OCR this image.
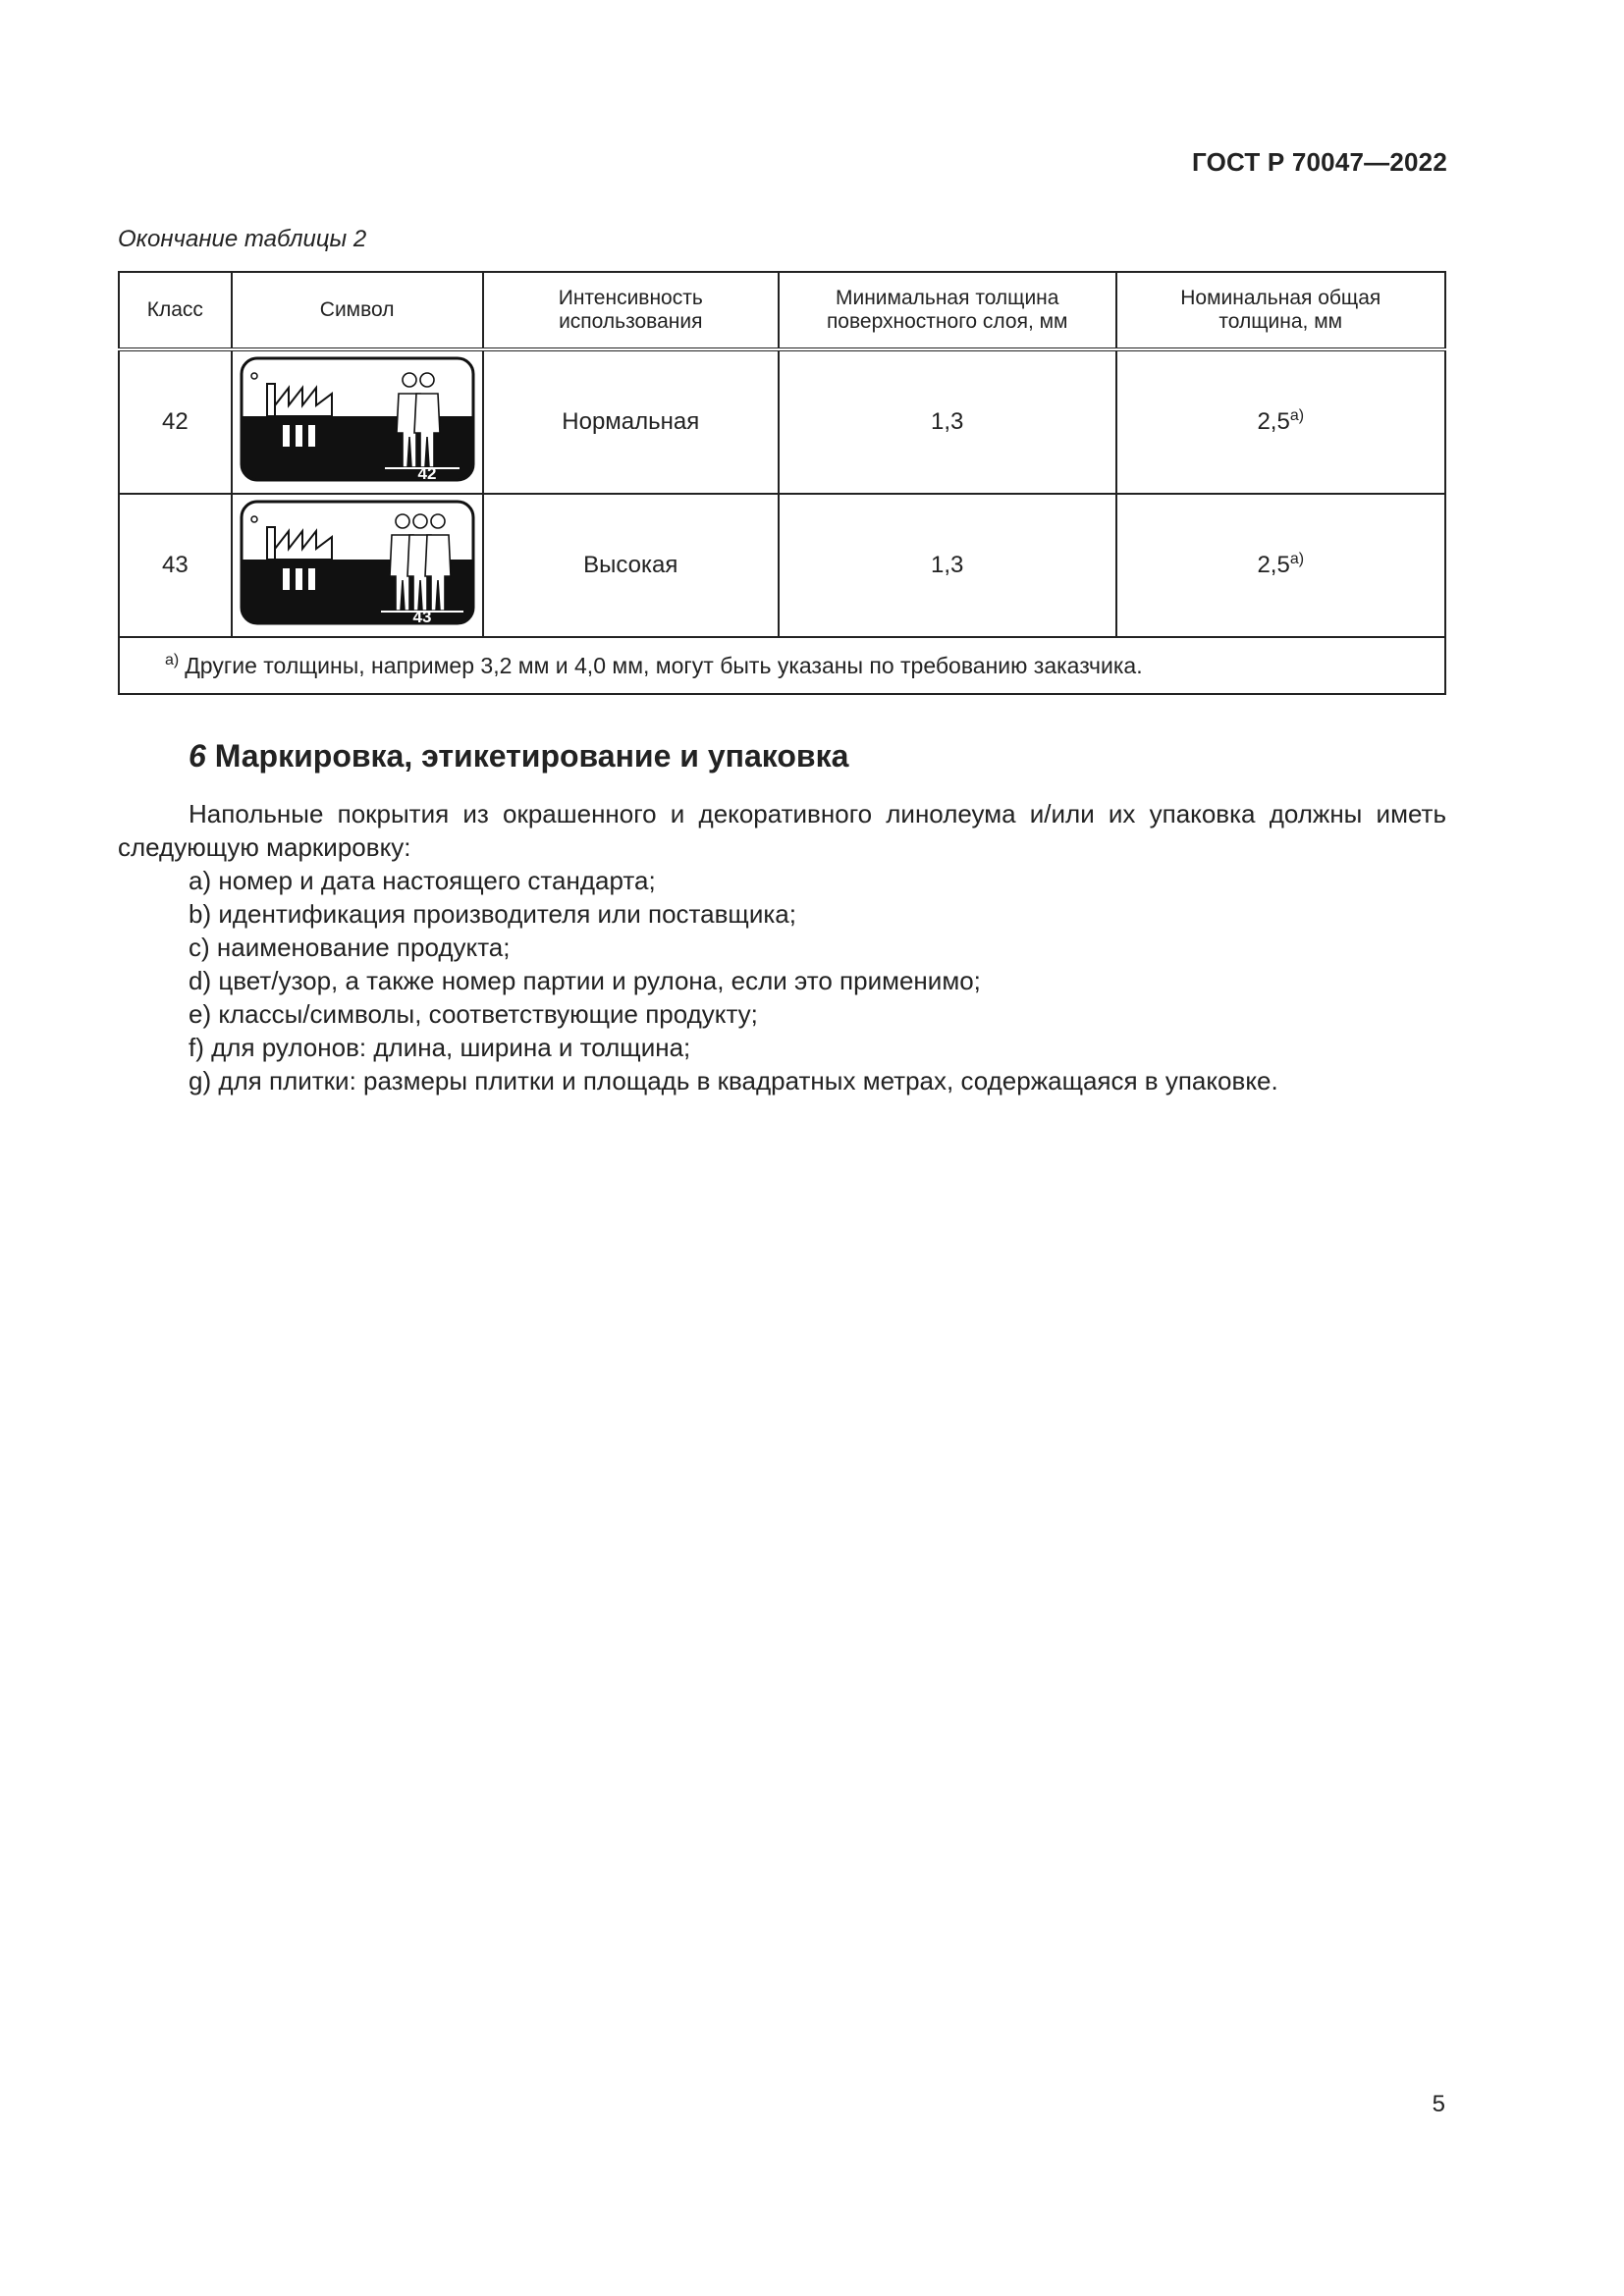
ГОСТ Р 70047—2022
Окончание таблицы 2
Класс	Символ	Интенсивность использования	Минимальная толщина поверхностного слоя, мм	Номинальная общая толщина, мм

42	42	Нормальная	1,3	$2,5^{а)}$
43	43	Высокая	1,3	$2,5^{а)}$
$^{а)}$ Другие толщины, например 3,2 мм и 4,0 мм, могут быть указаны по требованию заказчика.				
6 Маркировка, этикетирование и упаковка

Напольные покрытия из окрашенного и декоративного линолеума и/или их упаковка должны иметь следующую маркировку:

a) номер и дата настоящего стандарта;

b) идентификация производителя или поставщика;

c) наименование продукта;

d) цвет/узор, а также номер партии и рулона, если это применимо;

e) классы/символы, соответствующие продукту;

f) для рулонов: длина, ширина и толщина;

g) для плитки: размеры плитки и площадь в квадратных метрах, содержащаяся в упаковке.

5
